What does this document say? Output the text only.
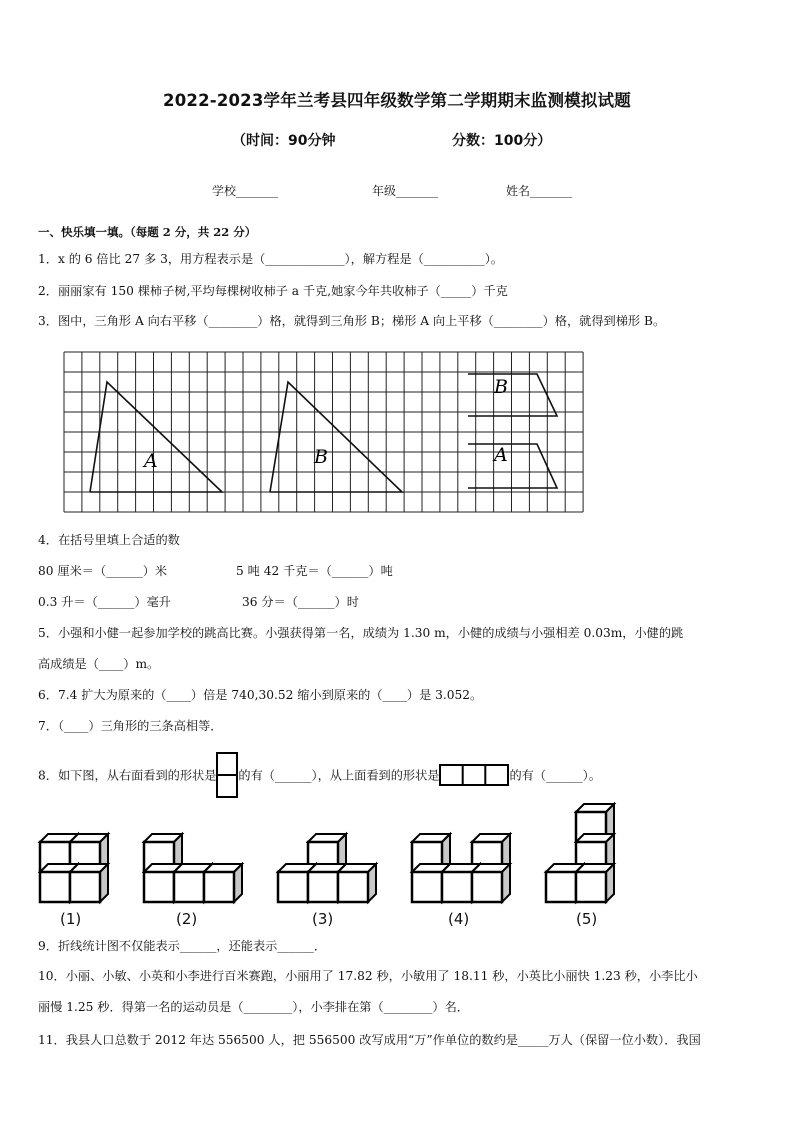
2022-2023学年兰考县四年级数学第二学期期末监测模拟试题
（时间：90分钟	分数：100分）
学校_______	年级_______	姓名_______
一、快乐填一填。（每题 2 分，共 22 分）
1．x 的 6 倍比 27 多 3，用方程表示是（_____________），解方程是（__________）。
2．丽丽家有 150 棵柿子树,平均每棵树收柿子 a 千克,她家今年共收柿子（_____）千克
3．图中，三角形 A 向右平移（________）格，就得到三角形 B；梯形 A 向上平移（________）格，就得到梯形 B。
A	B
B
A
4．在括号里填上合适的数
80 厘米＝（______）米	5 吨 42 千克＝（______）吨
0.3 升＝（______）毫升	36 分＝（______）时
5．小强和小健一起参加学校的跳高比赛。小强获得第一名，成绩为 1.30 m，小健的成绩与小强相差 0.03m，小健的跳
高成绩是（____）m。
6．7.4 扩大为原来的（____）倍是 740,30.52 缩小到原来的（____）是 3.052。
7．（____）三角形的三条高相等．
8．如下图，从右面看到的形状是 的有（______），从上面看到的形状是	的有（______）。
(1)	(2)	(3)	(4)	(5)
9．折线统计图不仅能表示______，还能表示______．
10．小丽、小敏、小英和小李进行百米赛跑，小丽用了 17.82 秒，小敏用了 18.11 秒，小英比小丽快 1.23 秒，小李比小
丽慢 1.25 秒．得第一名的运动员是（________），小李排在第（________）名．
11．我县人口总数于 2012 年达 556500 人，把 556500 改写成用“万”作单位的数约是_____万人（保留一位小数）．我国
